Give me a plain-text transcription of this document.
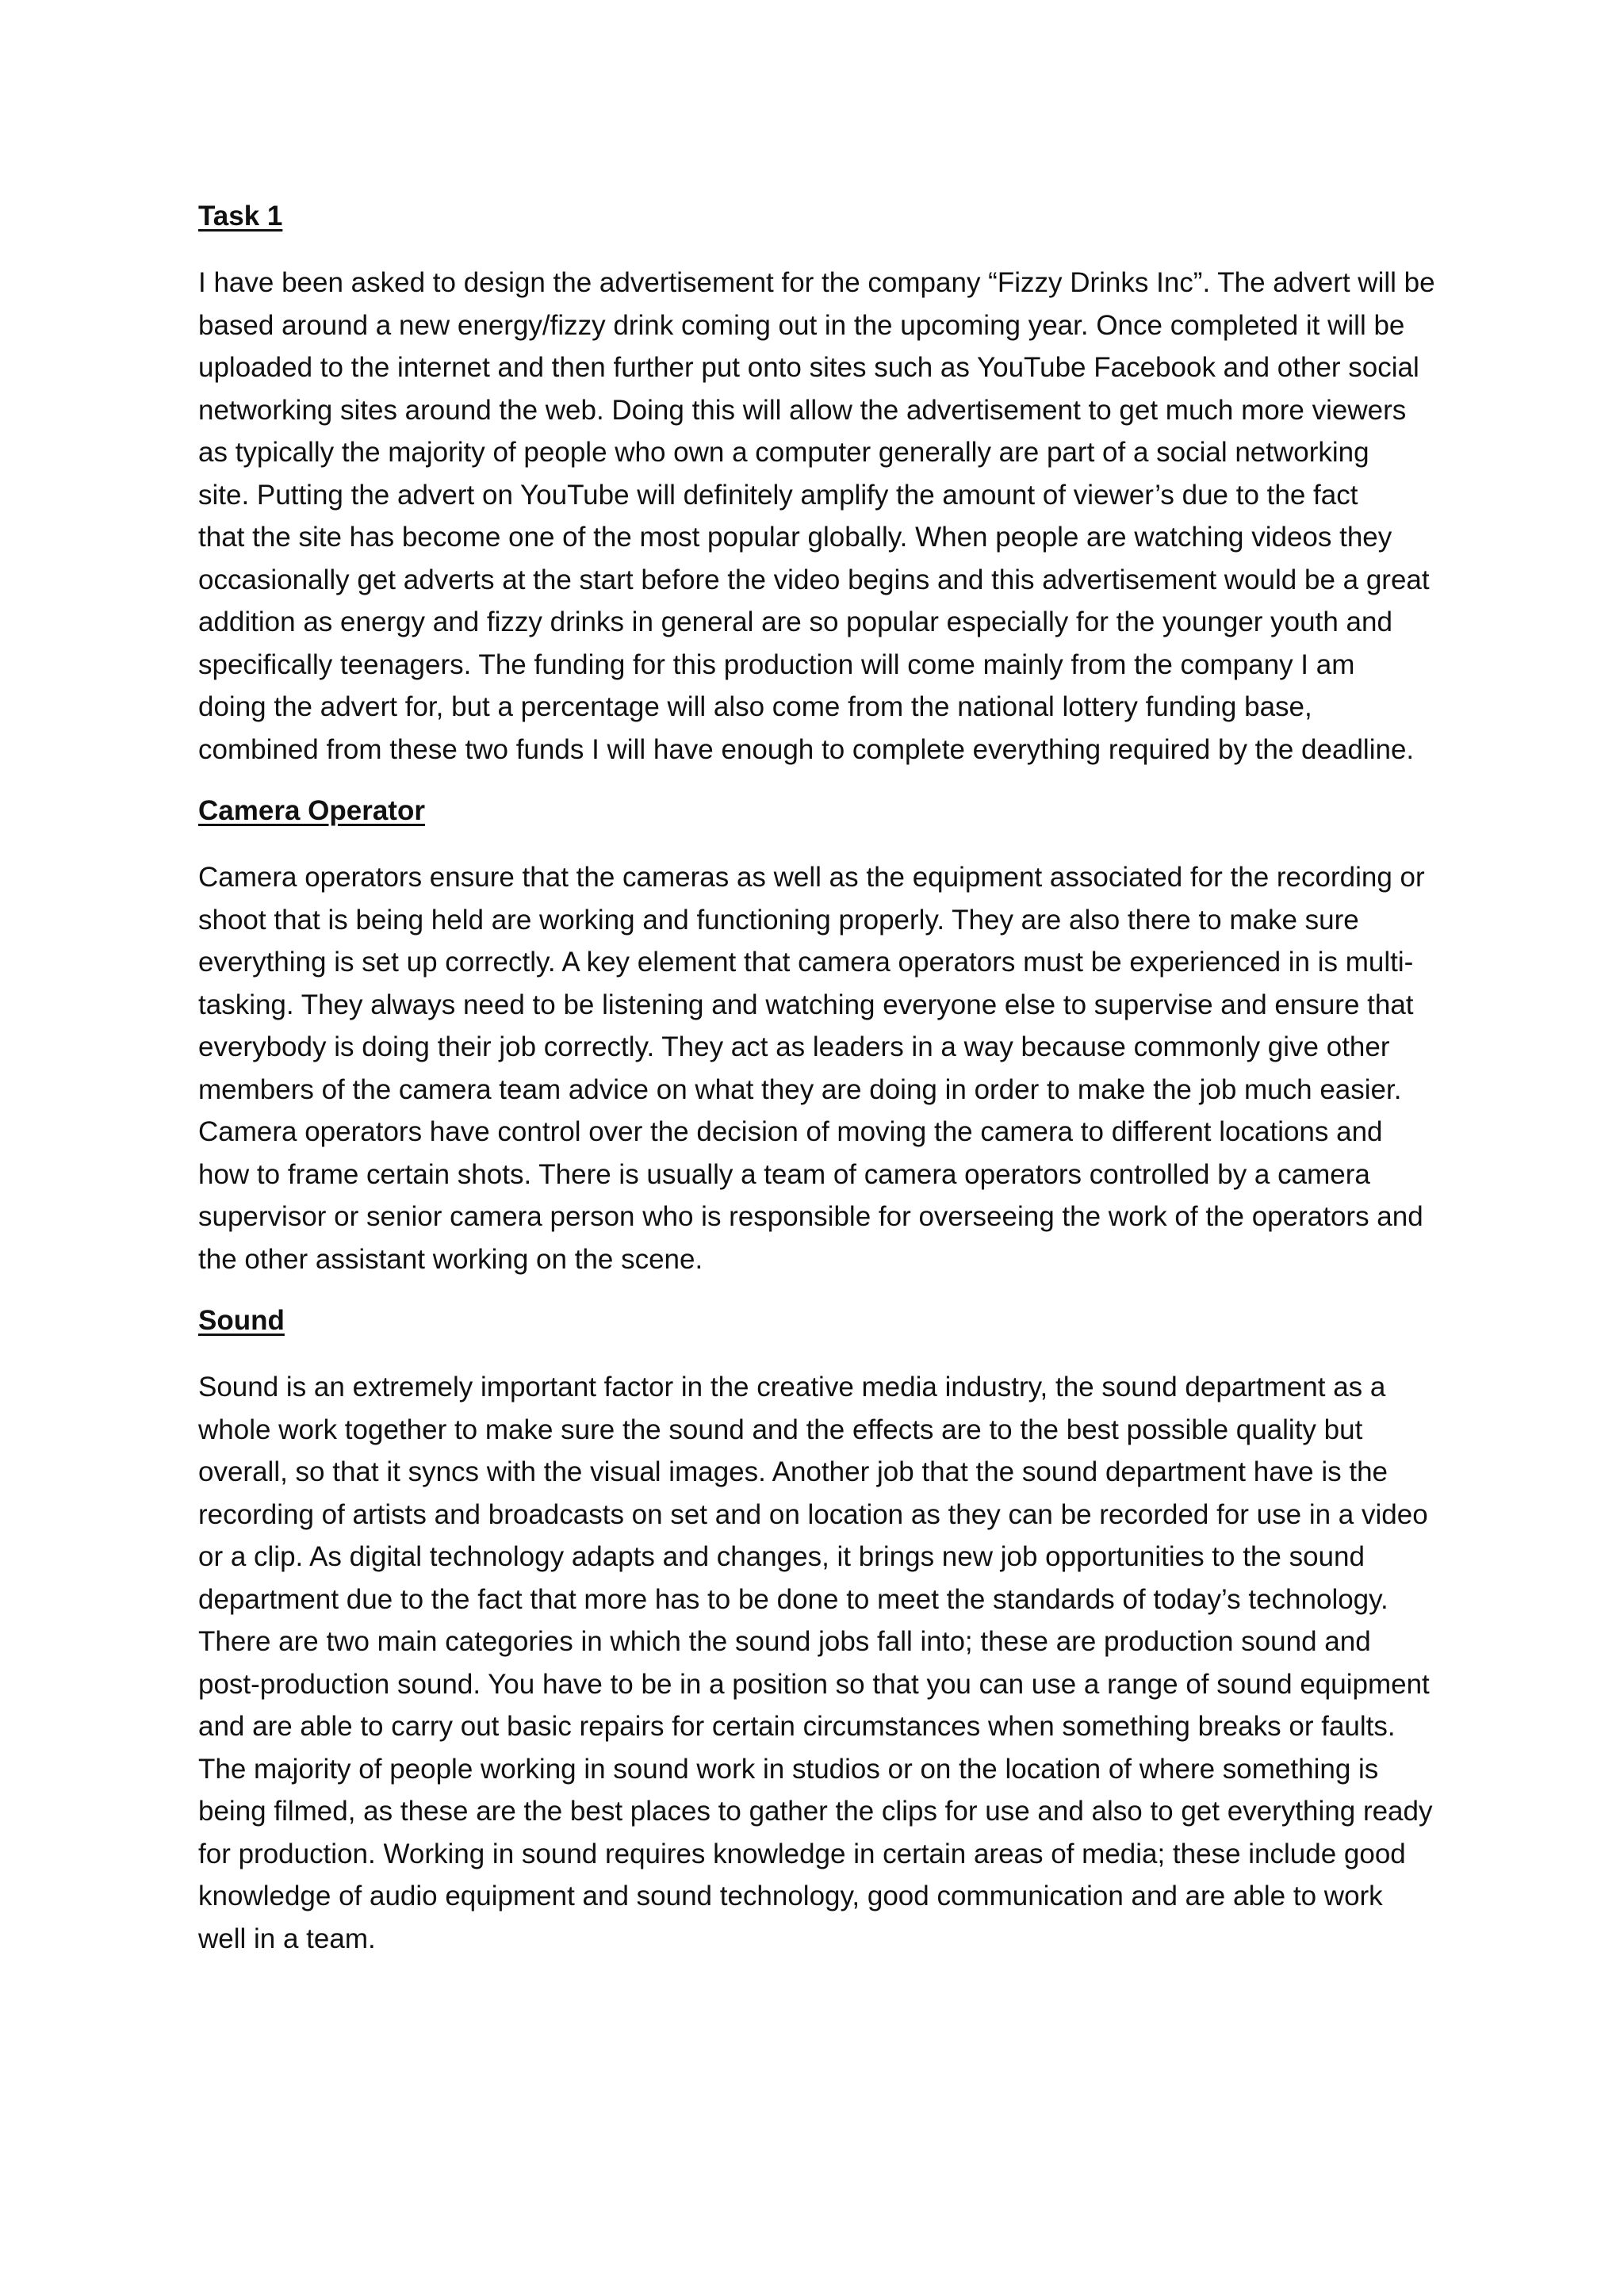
Task 1

I have been asked to design the advertisement for the company “Fizzy Drinks Inc”. The advert will be
based around a new energy/fizzy drink coming out in the upcoming year. Once completed it will be
uploaded to the internet and then further put onto sites such as YouTube Facebook and other social
networking sites around the web. Doing this will allow the advertisement to get much more viewers
as typically the majority of people who own a computer generally are part of a social networking
site. Putting the advert on YouTube will definitely amplify the amount of viewer’s due to the fact
that the site has become one of the most popular globally. When people are watching videos they
occasionally get adverts at the start before the video begins and this advertisement would be a great
addition as energy and fizzy drinks in general are so popular especially for the younger youth and
specifically teenagers. The funding for this production will come mainly from the company I am
doing the advert for, but a percentage will also come from the national lottery funding base,
combined from these two funds I will have enough to complete everything required by the deadline.

Camera Operator

Camera operators ensure that the cameras as well as the equipment associated for the recording or
shoot that is being held are working and functioning properly. They are also there to make sure
everything is set up correctly. A key element that camera operators must be experienced in is multi-
tasking. They always need to be listening and watching everyone else to supervise and ensure that
everybody is doing their job correctly. They act as leaders in a way because commonly give other
members of the camera team advice on what they are doing in order to make the job much easier.
Camera operators have control over the decision of moving the camera to different locations and
how to frame certain shots. There is usually a team of camera operators controlled by a camera
supervisor or senior camera person who is responsible for overseeing the work of the operators and
the other assistant working on the scene.

Sound

Sound is an extremely important factor in the creative media industry, the sound department as a
whole work together to make sure the sound and the effects are to the best possible quality but
overall, so that it syncs with the visual images. Another job that the sound department have is the
recording of artists and broadcasts on set and on location as they can be recorded for use in a video
or a clip. As digital technology adapts and changes, it brings new job opportunities to the sound
department due to the fact that more has to be done to meet the standards of today’s technology.
There are two main categories in which the sound jobs fall into; these are production sound and
post-production sound. You have to be in a position so that you can use a range of sound equipment
and are able to carry out basic repairs for certain circumstances when something breaks or faults.
The majority of people working in sound work in studios or on the location of where something is
being filmed, as these are the best places to gather the clips for use and also to get everything ready
for production. Working in sound requires knowledge in certain areas of media; these include good
knowledge of audio equipment and sound technology, good communication and are able to work
well in a team.
